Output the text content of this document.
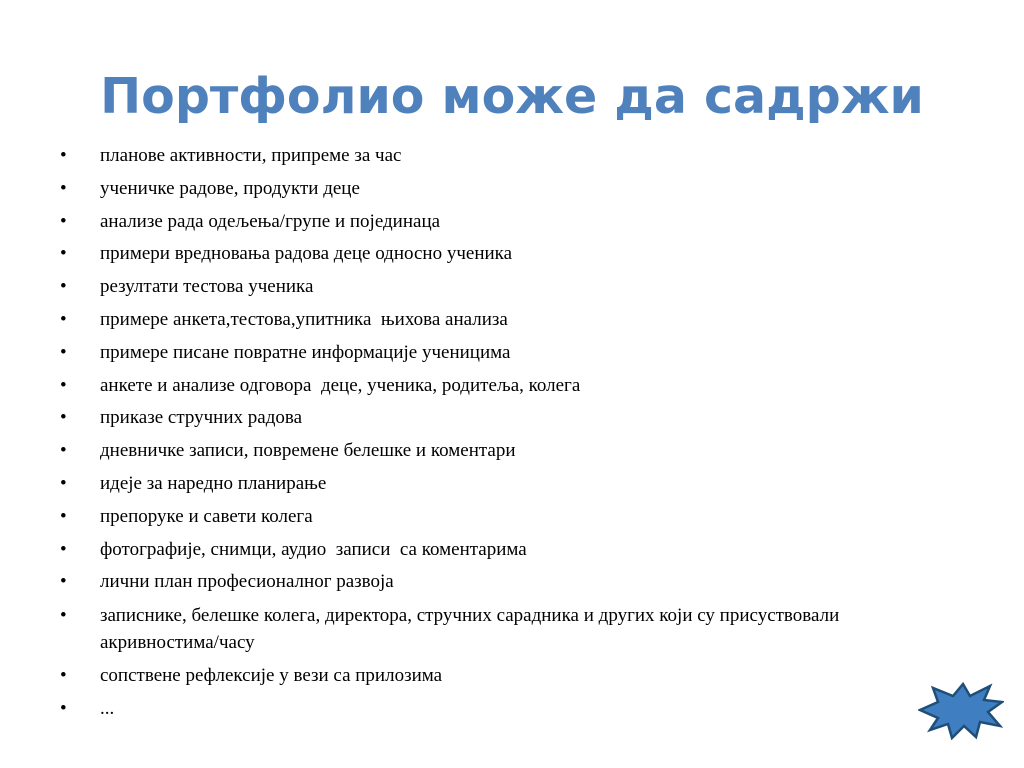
Портфолио може да садржи
•	планове активности, припреме за час
•	ученичке радове, продукти деце
•	анализе рада одељења/групе и појединаца
•	примери вредновања радова деце односно ученика
•	резултати тестова ученика
•	примере анкета,тестова,упитника  њихова анализа
•	примере писане повратне информације ученицима
•	анкете и анализе одговора  деце, ученика, родитеља, колега
•	приказе стручних радова
•	дневничке записи, повремене белешке и коментари
•	идеје за наредно планирање
•	препоруке и савети колега
•	фотографије, снимци, аудио  записи  са коментарима
•	лични план професионалног развоја
•	записнике, белешке колега, директора, стручних сарадника и других који су присуствовали акривностима/часу
•	сопствене рефлексије у вези са прилозима
•	...
